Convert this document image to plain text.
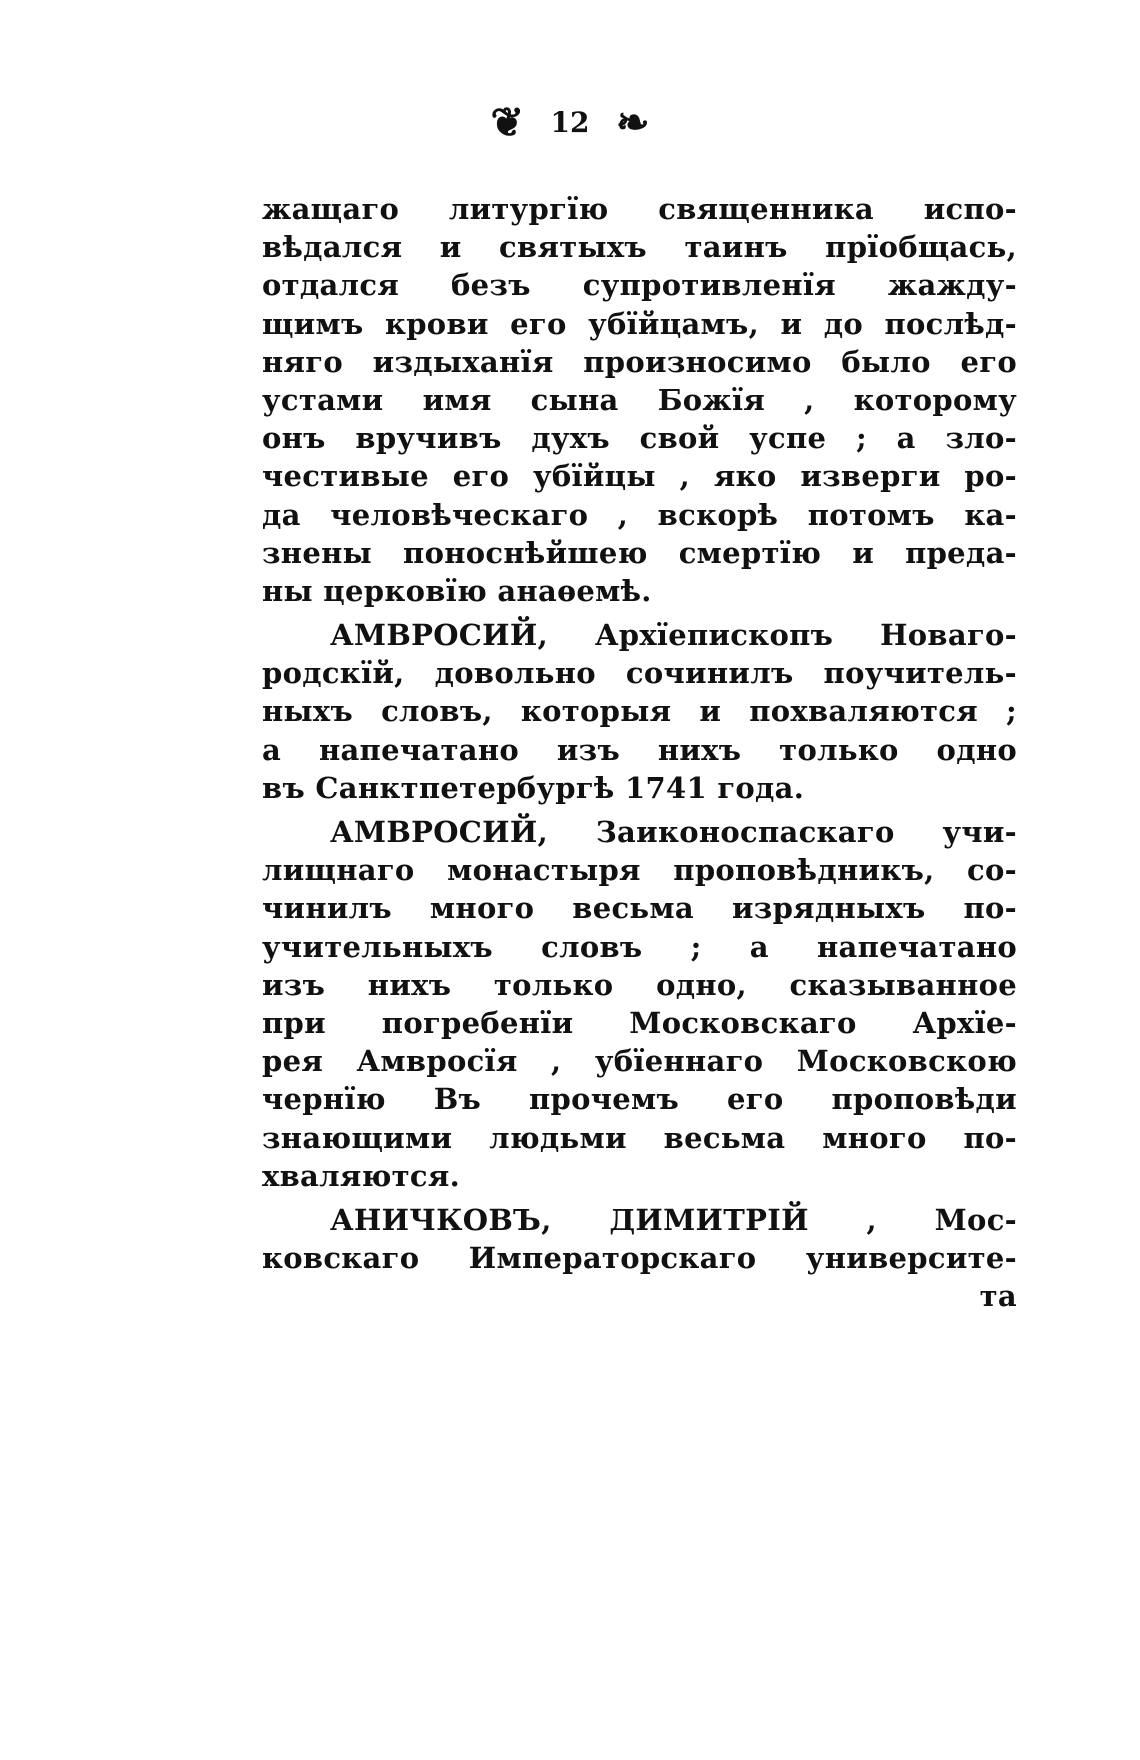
❦ 12 ❧
жащаго литургїю священника испо-
вѣдался и святыхъ таинъ прїобщась,
отдался безъ супротивленїя жажду-
щимъ крови его убїйцамъ, и до послѣд-
няго издыханїя произносимо было его
устами имя сына Божїя , которому
онъ вручивъ духъ свой успе ; а зло-
честивые его убїйцы , яко изверги ро-
да человѣческаго , вскорѣ потомъ ка-
знены поноснѣйшею смертїю и преда-
ны церковїю анаѳемѣ.
АМВРОСИЙ, Архїепископъ Новаго-
родскїй, довольно сочинилъ поучитель-
ныхъ словъ, которыя и похваляются ;
а напечатано изъ нихъ только одно
въ Санктпетербургѣ 1741 года.
АМВРОСИЙ, Заиконоспаскаго учи-
лищнаго монастыря проповѣдникъ, со-
чинилъ много весьма изрядныхъ по-
учительныхъ словъ ; а напечатано
изъ нихъ только одно, сказыванное
при погребенїи Московскаго Архїе-
рея Амвросїя , убїеннаго Московскою
чернїю Въ прочемъ его проповѣди
знающими людьми весьма много по-
хваляются.
АНИЧКОВЪ, ДИМИТРIЙ , Мос-
ковскаго Императорскаго университе-
та
